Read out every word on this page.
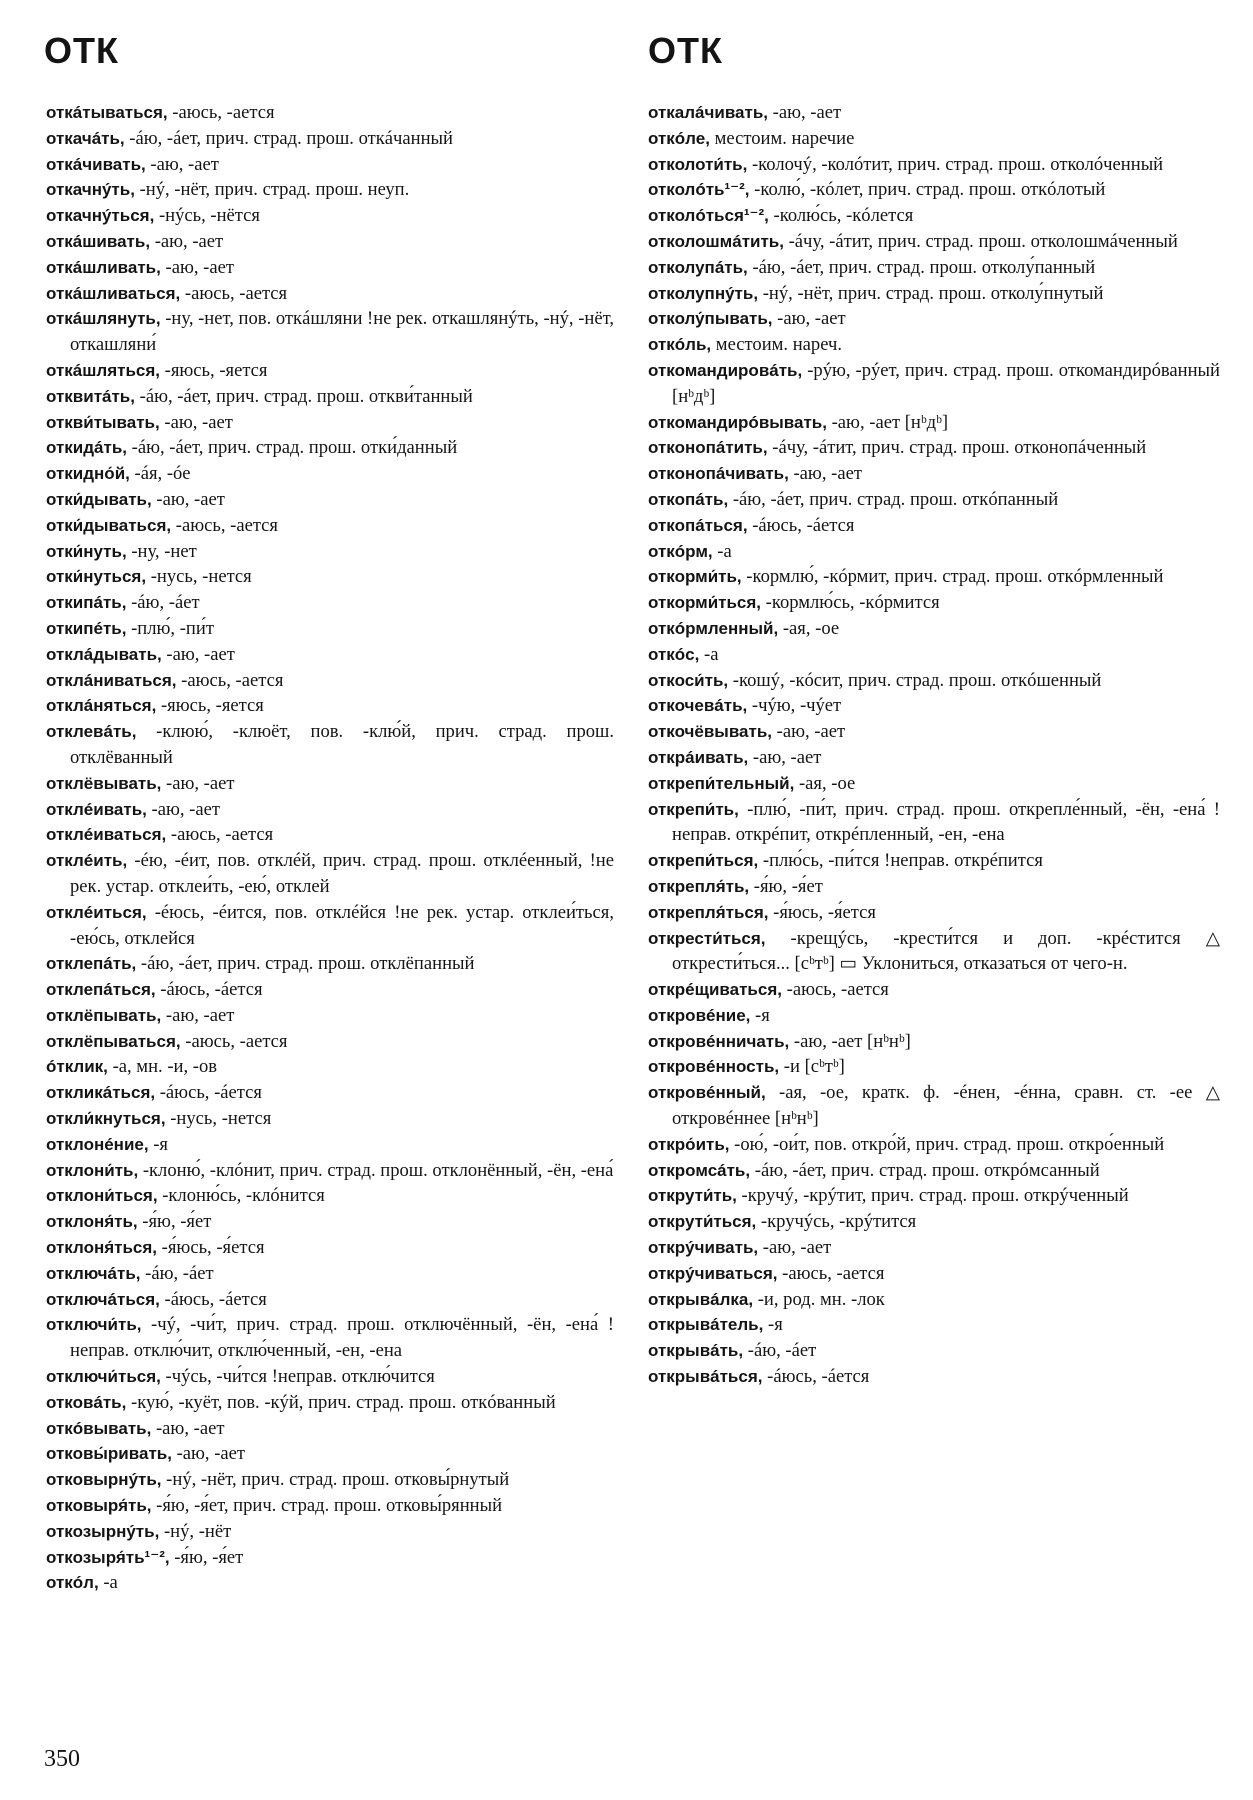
ОТК	ОТК
откáтываться, -аюсь, -ается
откачáть, -áю, -áет, прич. страд. прош. откáчанный
откáчивать, -аю, -ает
откачнýть, -нý, -нёт, прич. страд. прош. неуп.
откачнýться, -нýсь, -нётся
откáшивать, -аю, -ает
откáшливать, -аю, -ает
откáшливаться, -аюсь, -ается
откáшлянуть, -ну, -нет, пов. откáшляни !не рек. откашлянýть, -нý, -нёт, откашляни́
откáшляться, -яюсь, -яется
отквитáть, -áю, -áет, прич. страд. прош. откви́танный
откви́тывать, -аю, -ает
откидáть, -áю, -áет, прич. страд. прош. отки́данный
откидно́й, -áя, -óе
отки́дывать, -аю, -ает
отки́дываться, -аюсь, -ается
отки́нуть, -ну, -нет
отки́нуться, -нусь, -нется
откипáть, -áю, -áет
откипéть, -плю́, -пи́т
отклáдывать, -аю, -ает
отклáниваться, -аюсь, -ается
отклáняться, -яюсь, -яется
отклевáть, -клюю́, -клюёт, пов. -клю́й, прич. страд. прош. отклёванный
отклёвывать, -аю, -ает
отклéивать, -аю, -ает
отклéиваться, -аюсь, -ается
отклéить, -éю, -éит, пов. отклéй, прич. страд. прош. отклéенный, !не рек. устар. отклеи́ть, -ею́, отклей
отклéиться, -éюсь, -éится, пов. отклéйся !не рек. устар. отклеи́ться, -ею́сь, отклейся
отклепáть, -áю, -áет, прич. страд. прош. отклёпанный
отклепáться, -áюсь, -áется
отклёпывать, -аю, -ает
отклёпываться, -аюсь, -ается
óтклик, -а, мн. -и, -ов
откликáться, -áюсь, -áется
откли́кнуться, -нусь, -нется
отклонéние, -я
отклони́ть, -клоню́, -клóнит, прич. страд. прош. отклонённый, -ён, -ена́
отклони́ться, -клоню́сь, -клóнится
отклоня́ть, -я́ю, -я́ет
отклоня́ться, -я́юсь, -я́ется
отключáть, -áю, -áет
отключáться, -áюсь, -áется
отключи́ть, -чý, -чи́т, прич. страд. прош. отключённый, -ён, -ена́ !неправ. отклю́чит, отклю́ченный, -ен, -ена
отключи́ться, -чýсь, -чи́тся !неправ. отклю́чится
отковáть, -кую́, -куёт, пов. -кýй, прич. страд. прош. откóванный
откóвывать, -аю, -ает
отковы́ривать, -аю, -ает
отковырнýть, -нý, -нёт, прич. страд. прош. отковы́рнутый
отковыря́ть, -я́ю, -я́ет, прич. страд. прош. отковы́рянный
откозырнýть, -нý, -нёт
откозыря́ть¹⁻², -я́ю, -я́ет
откóл, -а
откалáчивать, -аю, -ает
откóле, местоим. наречие
отколоти́ть, -колочý, -колóтит, прич. страд. прош. отколóченный
отколóть¹⁻², -колю́, -кóлет, прич. страд. прош. откóлотый
отколóться¹⁻², -колю́сь, -кóлется
отколошмáтить, -áчу, -áтит, прич. страд. прош. отколошмáченный
отколупáть, -áю, -áет, прич. страд. прош. отколу́панный
отколупнýть, -нý, -нёт, прич. страд. прош. отколу́пнутый
отколу́пывать, -аю, -ает
откóль, местоим. нареч.
откомандировáть, -рýю, -рýет, прич. страд. прош. откомандирóванный [нᵇдᵇ]
откомандирóвывать, -аю, -ает [нᵇдᵇ]
отконопáтить, -áчу, -áтит, прич. страд. прош. отконопáченный
отконопáчивать, -аю, -ает
откопáть, -áю, -áет, прич. страд. прош. откóпанный
откопáться, -áюсь, -áется
откóрм, -а
откорми́ть, -кормлю́, -кóрмит, прич. страд. прош. откóрмленный
откорми́ться, -кормлю́сь, -кóрмится
откóрмленный, -ая, -ое
откóс, -а
откоси́ть, -кошý, -кóсит, прич. страд. прош. откóшенный
откочевáть, -чýю, -чýет
откочёвывать, -аю, -ает
открáивать, -аю, -ает
открепи́тельный, -ая, -ое
открепи́ть, -плю́, -пи́т, прич. страд. прош. открепле́нный, -ён, -ена́ !неправ. открéпит, открéпленный, -ен, -ена
открепи́ться, -плю́сь, -пи́тся !неправ. открéпится
открепля́ть, -я́ю, -я́ет
открепля́ться, -я́юсь, -я́ется
открести́ться, -крещýсь, -крести́тся и доп. -крéстится △ открести́ться... [сᵇтᵇ] ▭ Уклониться, отказаться от чего-н.
открéщиваться, -аюсь, -ается
откровéние, -я
откровéнничать, -аю, -ает [нᵇнᵇ]
откровéнность, -и [сᵇтᵇ]
откровéнный, -ая, -ое, кратк. ф. -éнен, -éнна, сравн. ст. -ее △ откровéннее [нᵇнᵇ]
откро́ить, -ою́, -ои́т, пов. откро́й, прич. страд. прош. откро́енный
откромсáть, -áю, -áет, прич. страд. прош. открóмсанный
открути́ть, -кручý, -крýтит, прич. страд. прош. открýченный
открути́ться, -кручýсь, -крýтится
открýчивать, -аю, -ает
открýчиваться, -аюсь, -ается
открывáлка, -и, род. мн. -лок
открывáтель, -я
открывáть, -áю, -áет
открывáться, -áюсь, -áется
350
